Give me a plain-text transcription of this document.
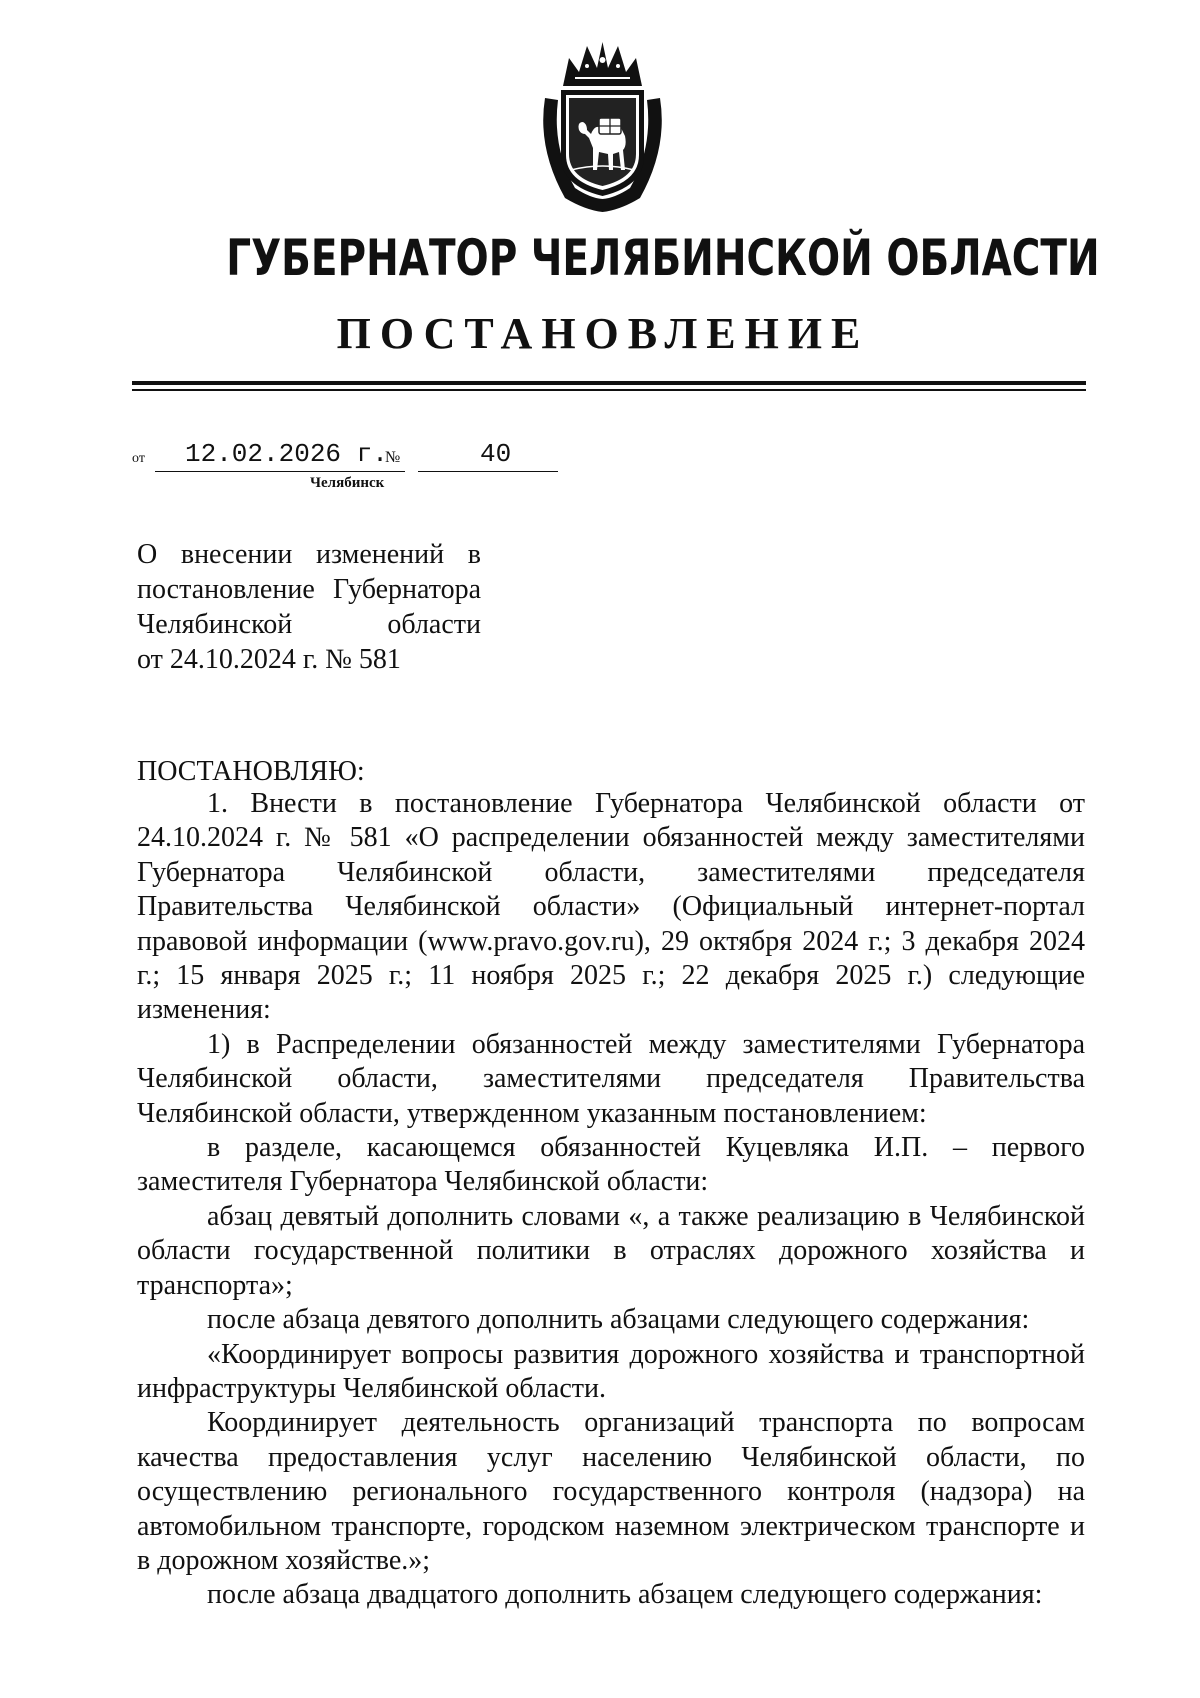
ГУБЕРНАТОР ЧЕЛЯБИНСКОЙ ОБЛАСТИ
ПОСТАНОВЛЕНИЕ
от	12.02.2026 г.
№	40
Челябинск
О внесении изменений в
постановление Губернатора
Челябинской области
от 24.10.2024 г. № 581
ПОСТАНОВЛЯЮ:

1. Внести в постановление Губернатора Челябинской области от 24.10.2024 г. № 581 «О распределении обязанностей между заместителями Губернатора Челябинской области, заместителями председателя Правительства Челябинской области» (Официальный интернет-портал правовой информации (www.pravo.gov.ru), 29 октября 2024 г.; 3 декабря 2024 г.; 15 января 2025 г.; 11 ноября 2025 г.; 22 декабря 2025 г.) следующие изменения:

1) в Распределении обязанностей между заместителями Губернатора Челябинской области, заместителями председателя Правительства Челябинской области, утвержденном указанным постановлением:

в разделе, касающемся обязанностей Куцевляка И.П. – первого заместителя Губернатора Челябинской области:

абзац девятый дополнить словами «, а также реализацию в Челябинской области государственной политики в отраслях дорожного хозяйства и транспорта»;

после абзаца девятого дополнить абзацами следующего содержания:

«Координирует вопросы развития дорожного хозяйства и транспортной инфраструктуры Челябинской области.

Координирует деятельность организаций транспорта по вопросам качества предоставления услуг населению Челябинской области, по осуществлению регионального государственного контроля (надзора) на автомобильном транспорте, городском наземном электрическом транспорте и в дорожном хозяйстве.»;

после абзаца двадцатого дополнить абзацем следующего содержания:
